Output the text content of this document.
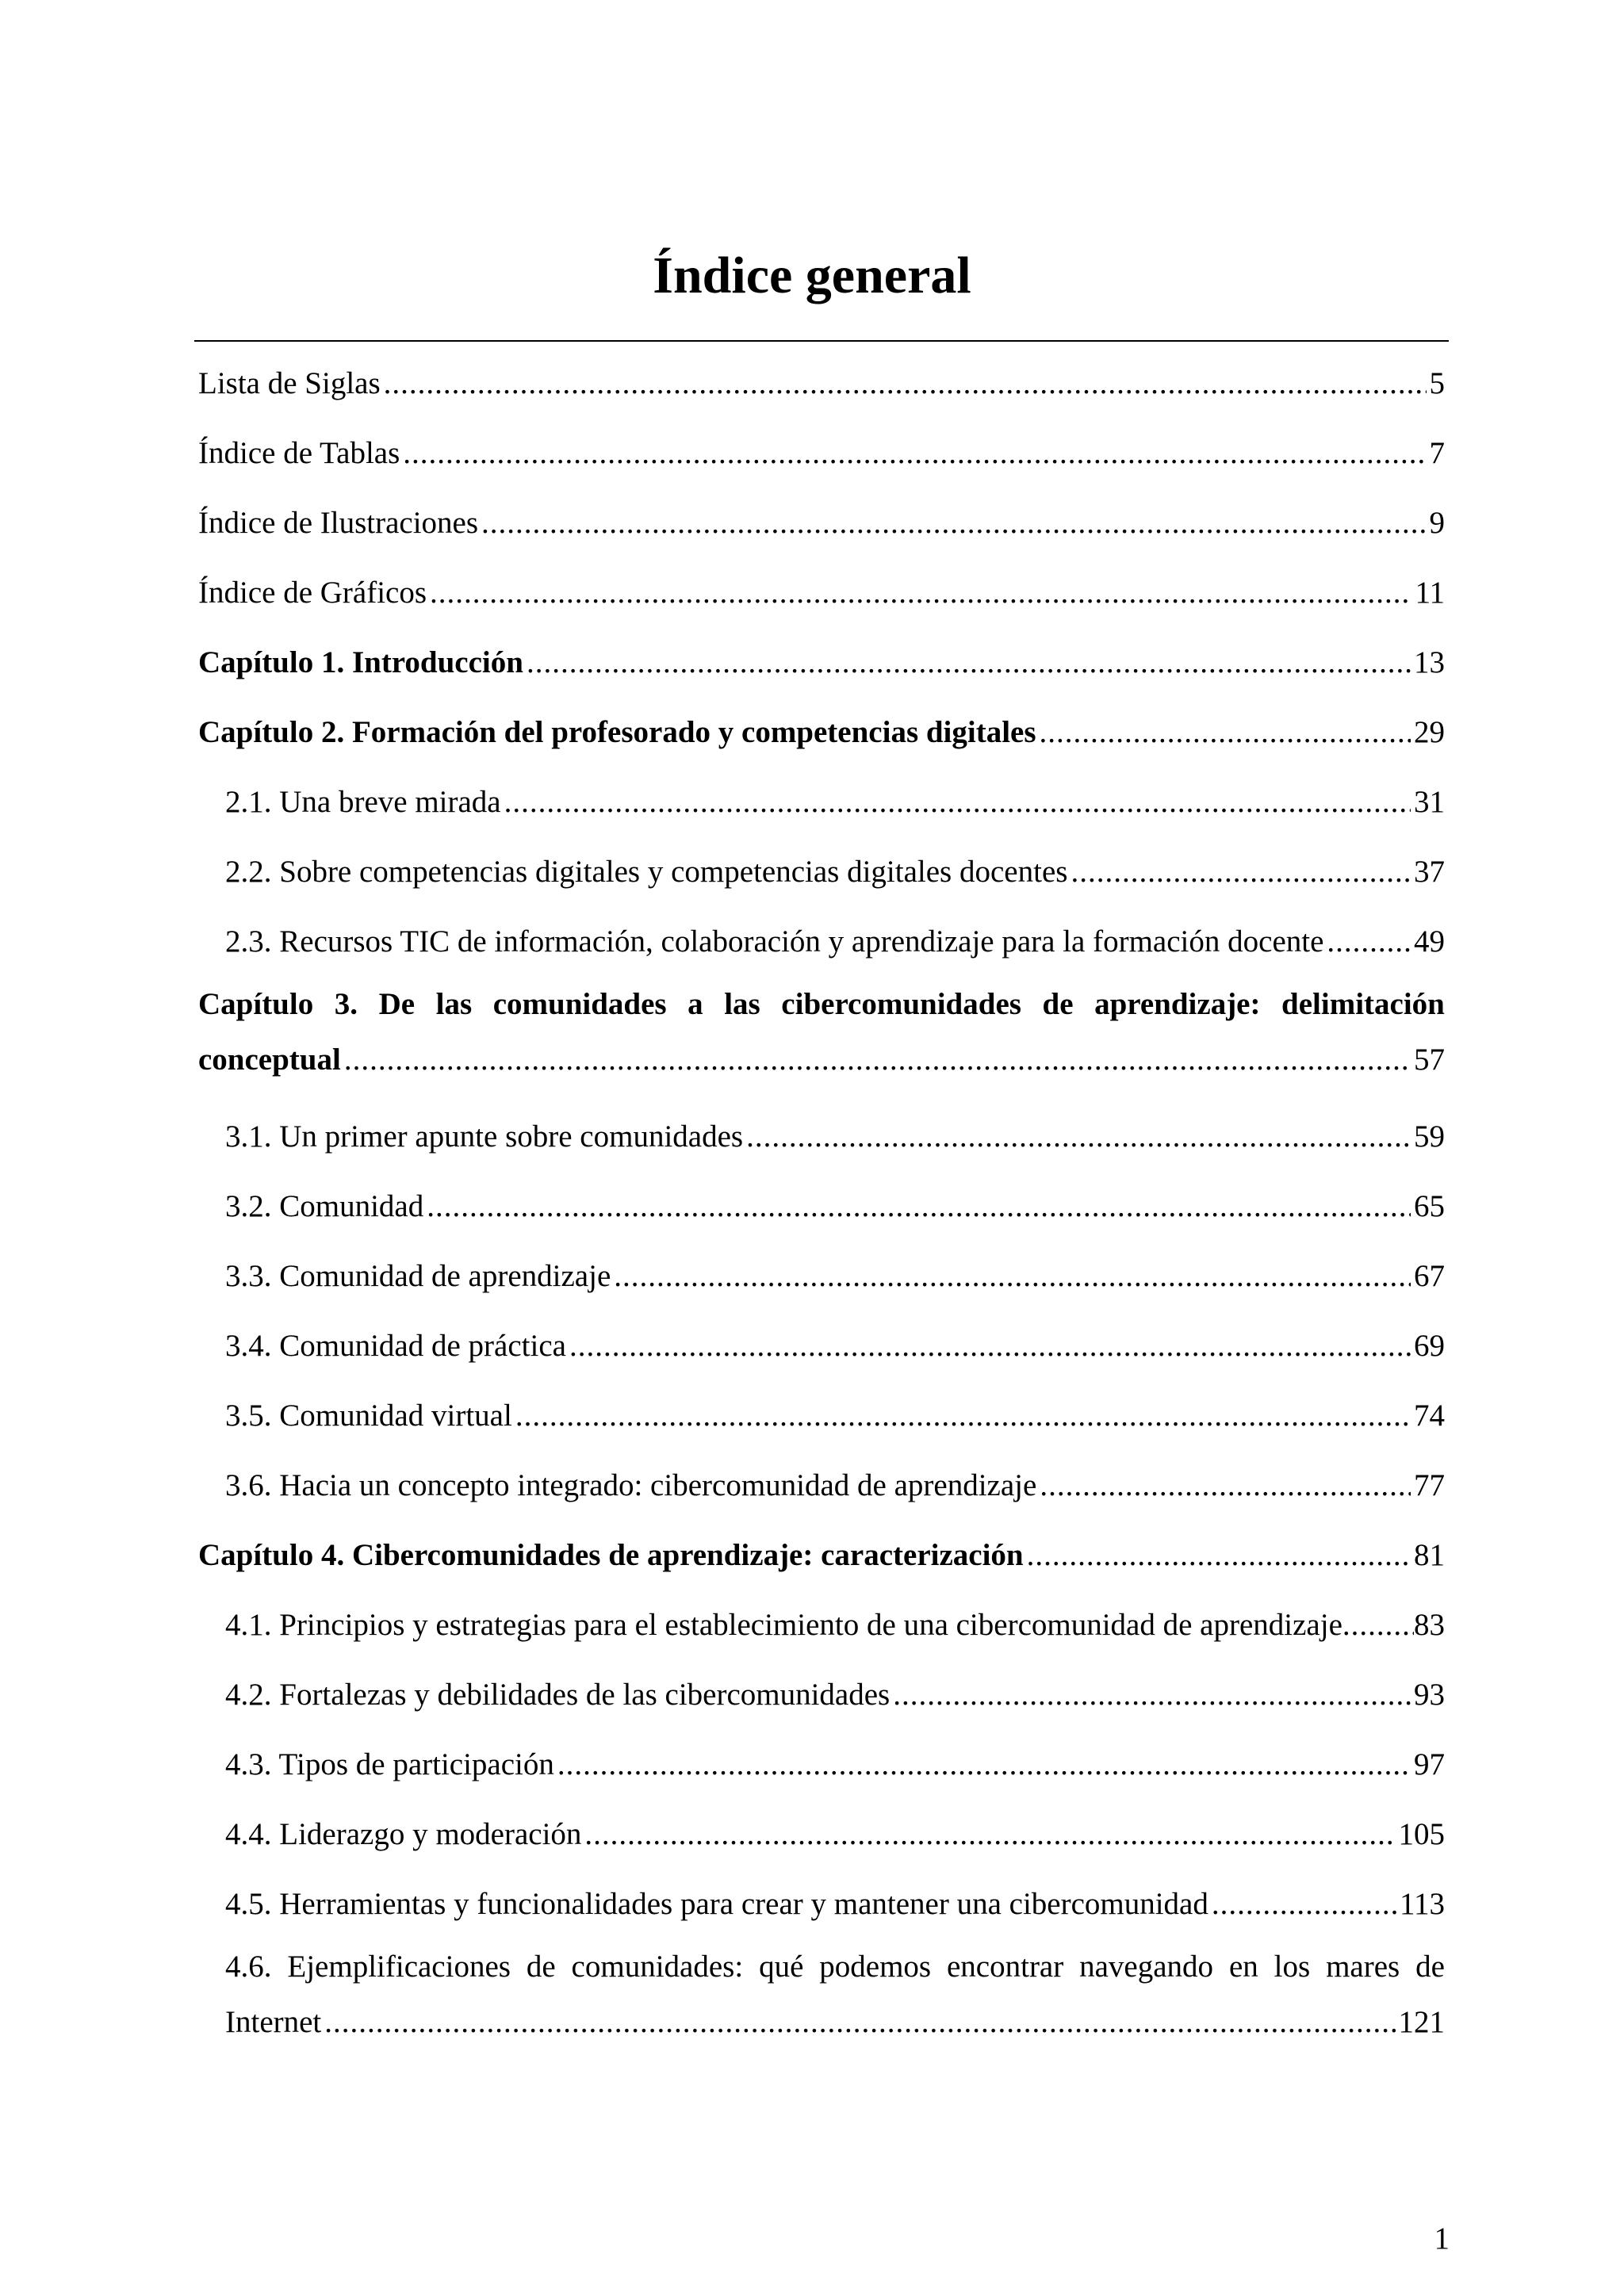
Índice general
Lista de Siglas .....	5
Índice de Tablas .....	7
Índice de Ilustraciones .....	9
Índice de Gráficos .....	11
Capítulo 1. Introducción .....	13
Capítulo 2. Formación del profesorado y competencias digitales .....	29
2.1. Una breve mirada .....	31
2.2. Sobre competencias digitales y competencias digitales docentes .....	37
2.3. Recursos TIC de información, colaboración y aprendizaje para la formación docente .....	49
Capítulo 3. De las comunidades a las cibercomunidades de aprendizaje: delimitación
conceptual .....	57
3.1. Un primer apunte sobre comunidades .....	59
3.2. Comunidad .....	65
3.3. Comunidad de aprendizaje .....	67
3.4. Comunidad de práctica .....	69
3.5. Comunidad virtual .....	74
3.6. Hacia un concepto integrado: cibercomunidad de aprendizaje .....	77
Capítulo 4. Cibercomunidades de aprendizaje: caracterización .....	81
4.1. Principios y estrategias para el establecimiento de una cibercomunidad de aprendizaje ..... 83
4.2. Fortalezas y debilidades de las cibercomunidades .....	93
4.3. Tipos de participación .....	97
4.4. Liderazgo y moderación .....	105
4.5. Herramientas y funcionalidades para crear y mantener una cibercomunidad .....	113
4.6. Ejemplificaciones de comunidades: qué podemos encontrar navegando en los mares de
Internet .....	121
1
